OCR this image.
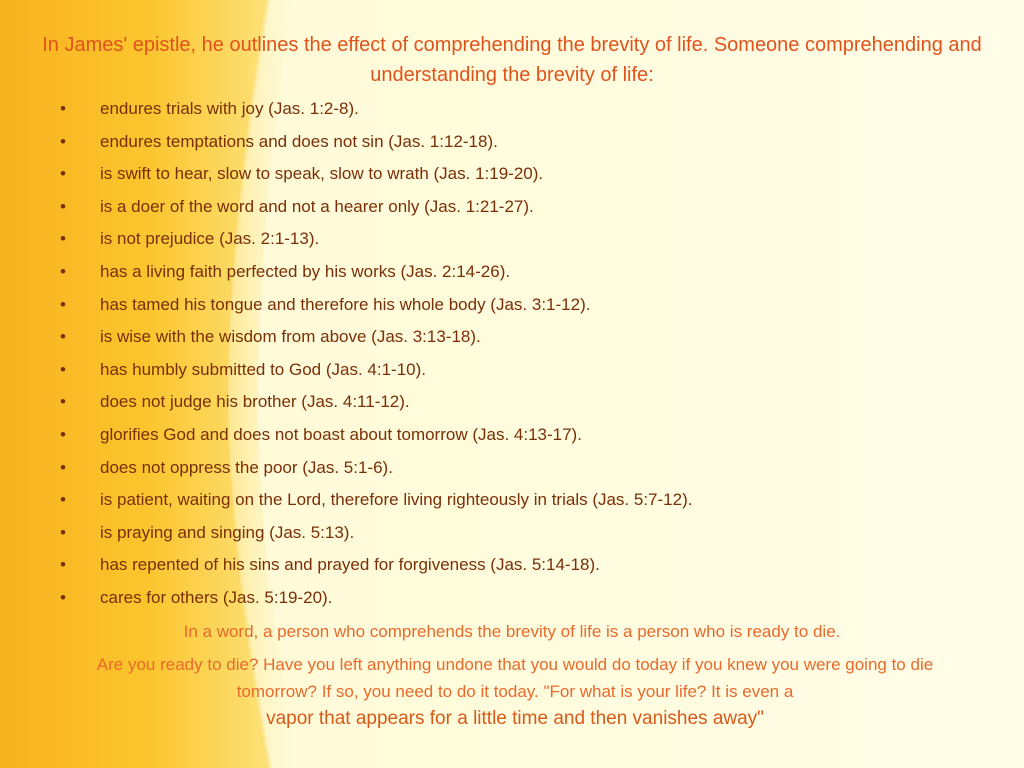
In James' epistle, he outlines the effect of comprehending the brevity of life. Someone comprehending and understanding the brevity of life:

• endures trials with joy (Jas. 1:2-8).
• endures temptations and does not sin (Jas. 1:12-18).
• is swift to hear, slow to speak, slow to wrath (Jas. 1:19-20).
• is a doer of the word and not a hearer only (Jas. 1:21-27).
• is not prejudice (Jas. 2:1-13).
• has a living faith perfected by his works (Jas. 2:14-26).
• has tamed his tongue and therefore his whole body (Jas. 3:1-12).
• is wise with the wisdom from above (Jas. 3:13-18).
• has humbly submitted to God (Jas. 4:1-10).
• does not judge his brother (Jas. 4:11-12).
• glorifies God and does not boast about tomorrow (Jas. 4:13-17).
• does not oppress the poor (Jas. 5:1-6).
• is patient, waiting on the Lord, therefore living righteously in trials (Jas. 5:7-12).
• is praying and singing (Jas. 5:13).
• has repented of his sins and prayed for forgiveness (Jas. 5:14-18).
• cares for others (Jas. 5:19-20).

In a word, a person who comprehends the brevity of life is a person who is ready to die.

Are you ready to die? Have you left anything undone that you would do today if you knew you were going to die tomorrow? If so, you need to do it today. "For what is your life? It is even a
vapor that appears for a little time and then vanishes away"
